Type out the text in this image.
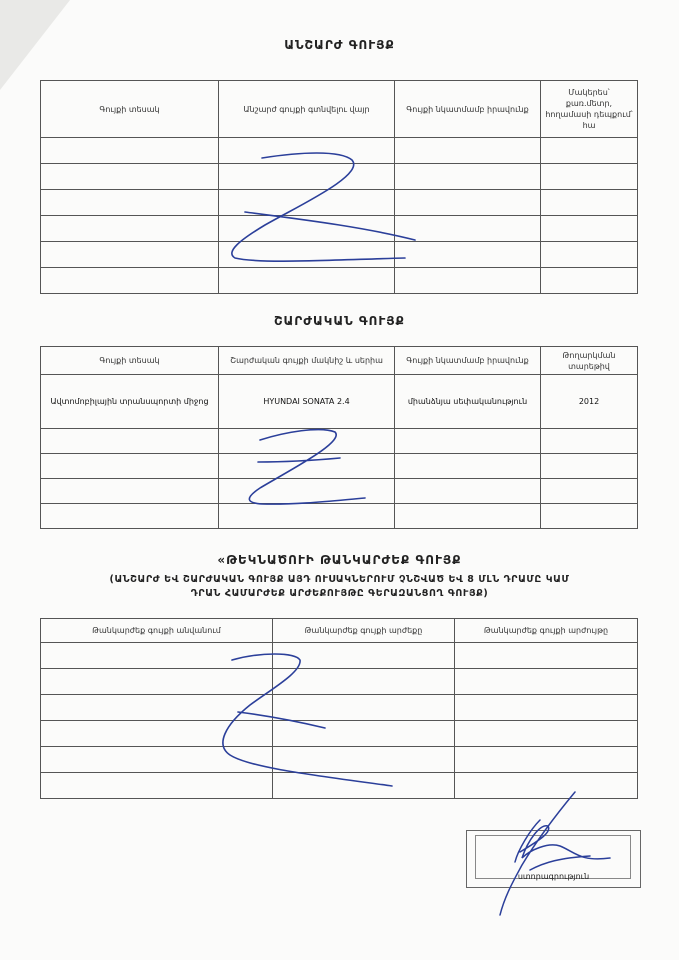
ԱՆՇԱՐԺ ԳՈՒՅՔ
Գույքի տեսակ	Անշարժ գույքի գտնվելու վայր	Գույքի նկատմամբ իրավունք	Մակերես՝ քառ.մետր, հողամասի դեպքում՝ հա

ՇԱՐԺԱԿԱՆ ԳՈՒՅՔ
Գույքի տեսակ	Շարժական գույքի մակնիշ և սերիա	Գույքի նկատմամբ իրավունք	Թողարկման տարեթիվ
Ավտոմոբիլային տրանսպորտի միջոց	HYUNDAI SONATA 2.4	միանձնյա սեփականություն	2012

«ԹԵԿՆԱԾՈՒԻ ԹԱՆԿԱՐԺԵՔ ԳՈՒՅՔ
(ԱՆՇԱՐԺ ԵՎ ՇԱՐԺԱԿԱՆ ԳՈՒՅՔ ԱՅԴ ՈՒՍԱԿՆԵՐՈՒՄ ՉՆՇՎԱԾ ԵՎ 8 ՄԼՆ ԴՐԱՄԸ ԿԱՄ
ԴՐԱՆ ՀԱՄԱՐԺԵՔ ԱՐԺԵՔՈՒՅԹԸ ԳԵՐԱԶԱՆՑՈՂ ԳՈՒՅՔ)
Թանկարժեք գույքի անվանում	Թանկարժեք գույքի արժեքը	Թանկարժեք գույքի արժույթը

ստորագրություն
